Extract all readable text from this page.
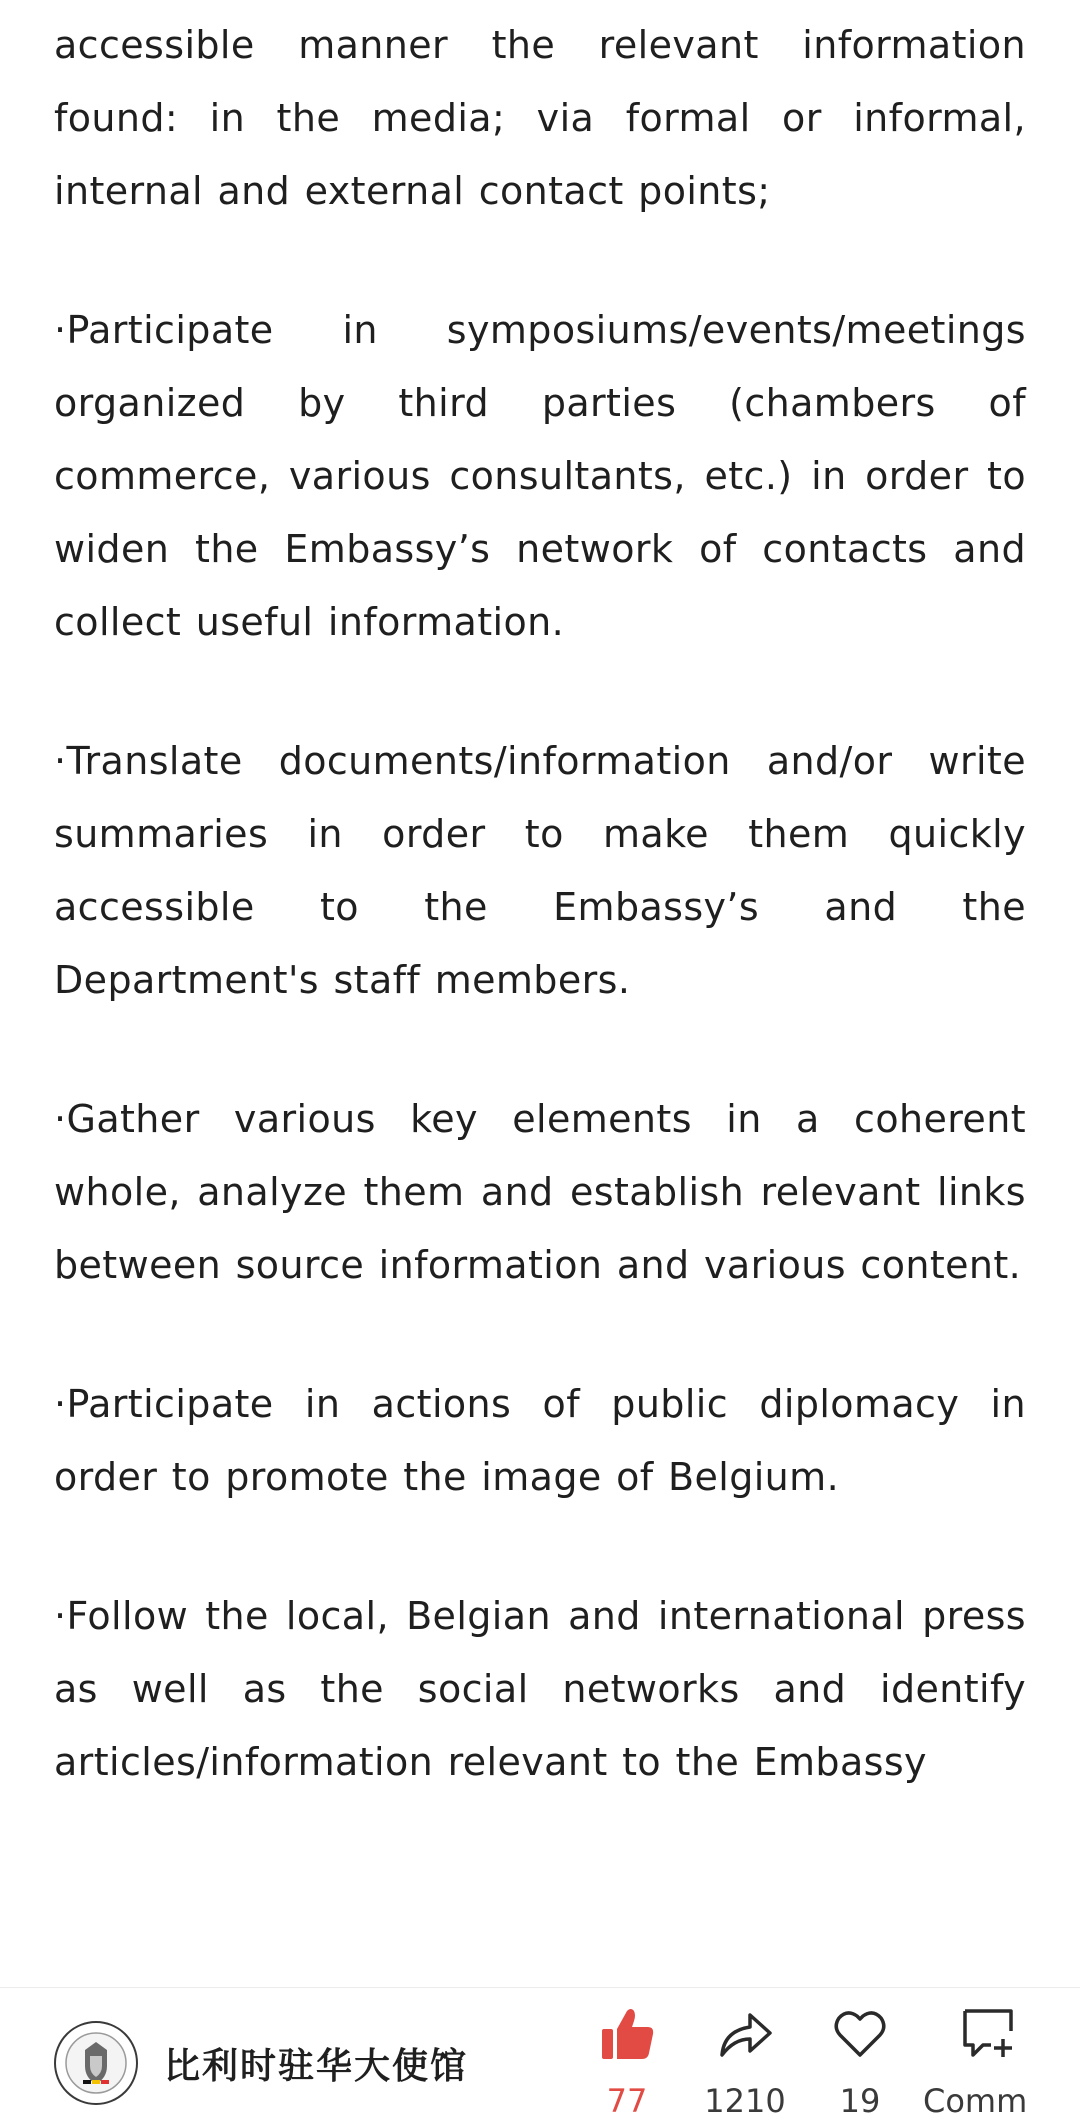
accessible manner the relevant information found: in the media; via formal or informal, internal and external contact points;

·Participate in symposiums/events/meetings organized by third parties (chambers of commerce, various consultants, etc.) in order to widen the Embassy’s network of contacts and collect useful information.

·Translate documents/information and/or write summaries in order to make them quickly accessible to the Embassy’s and the Department's staff members.

·Gather various key elements in a coherent whole, analyze them and establish relevant links between source information and various content.

·Participate in actions of public diplomacy in order to promote the image of Belgium.

·Follow the local, Belgian and international press as well as the social networks and identify articles/information relevant to the Embassy

比利时驻华大使馆
77 1210 19 Comm
